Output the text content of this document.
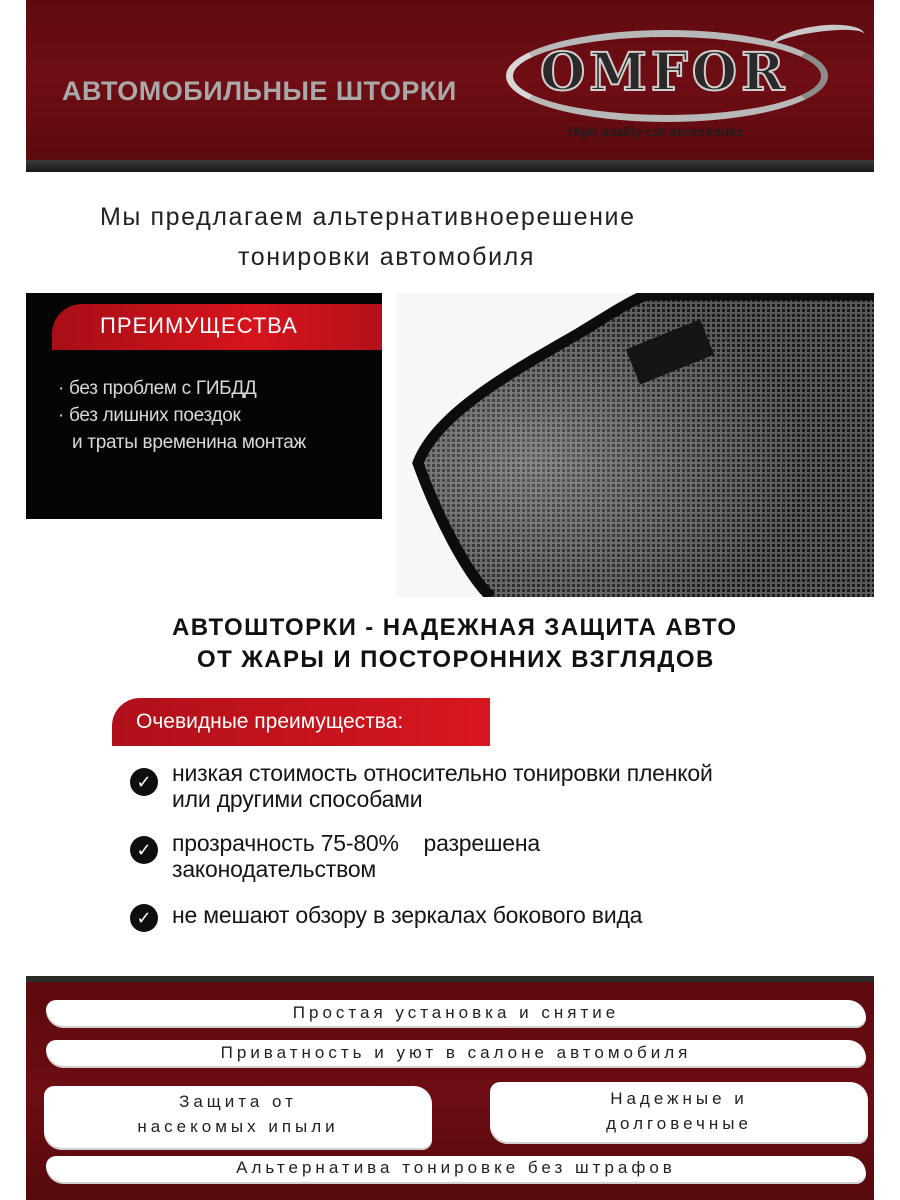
АВТОМОБИЛЬНЫЕ ШТОРКИ OMFOR
High quality car accessories
Мы предлагаем альтернативноерешение
тонировки автомобиля
ПРЕИМУЩЕСТВА
· без проблем с ГИБДД
· без лишних поездок
и траты временина монтаж
АВТОШТОРКИ - НАДЕЖНАЯ ЗАЩИТА АВТО
ОТ ЖАРЫ И ПОСТОРОННИХ ВЗГЛЯДОВ
Очевидные преимущества:
✓ низкая стоимость относительно тонировки пленкой
или другими способами
✓ прозрачность 75-80%    разрешена
законодательством
✓ не мешают обзору в зеркалах бокового вида
Простая установка и снятие
Приватность и уют в салоне автомобиля
Защита от
насекомых ипыли
Надежные и
долговечные
Альтернатива тонировке без штрафов
